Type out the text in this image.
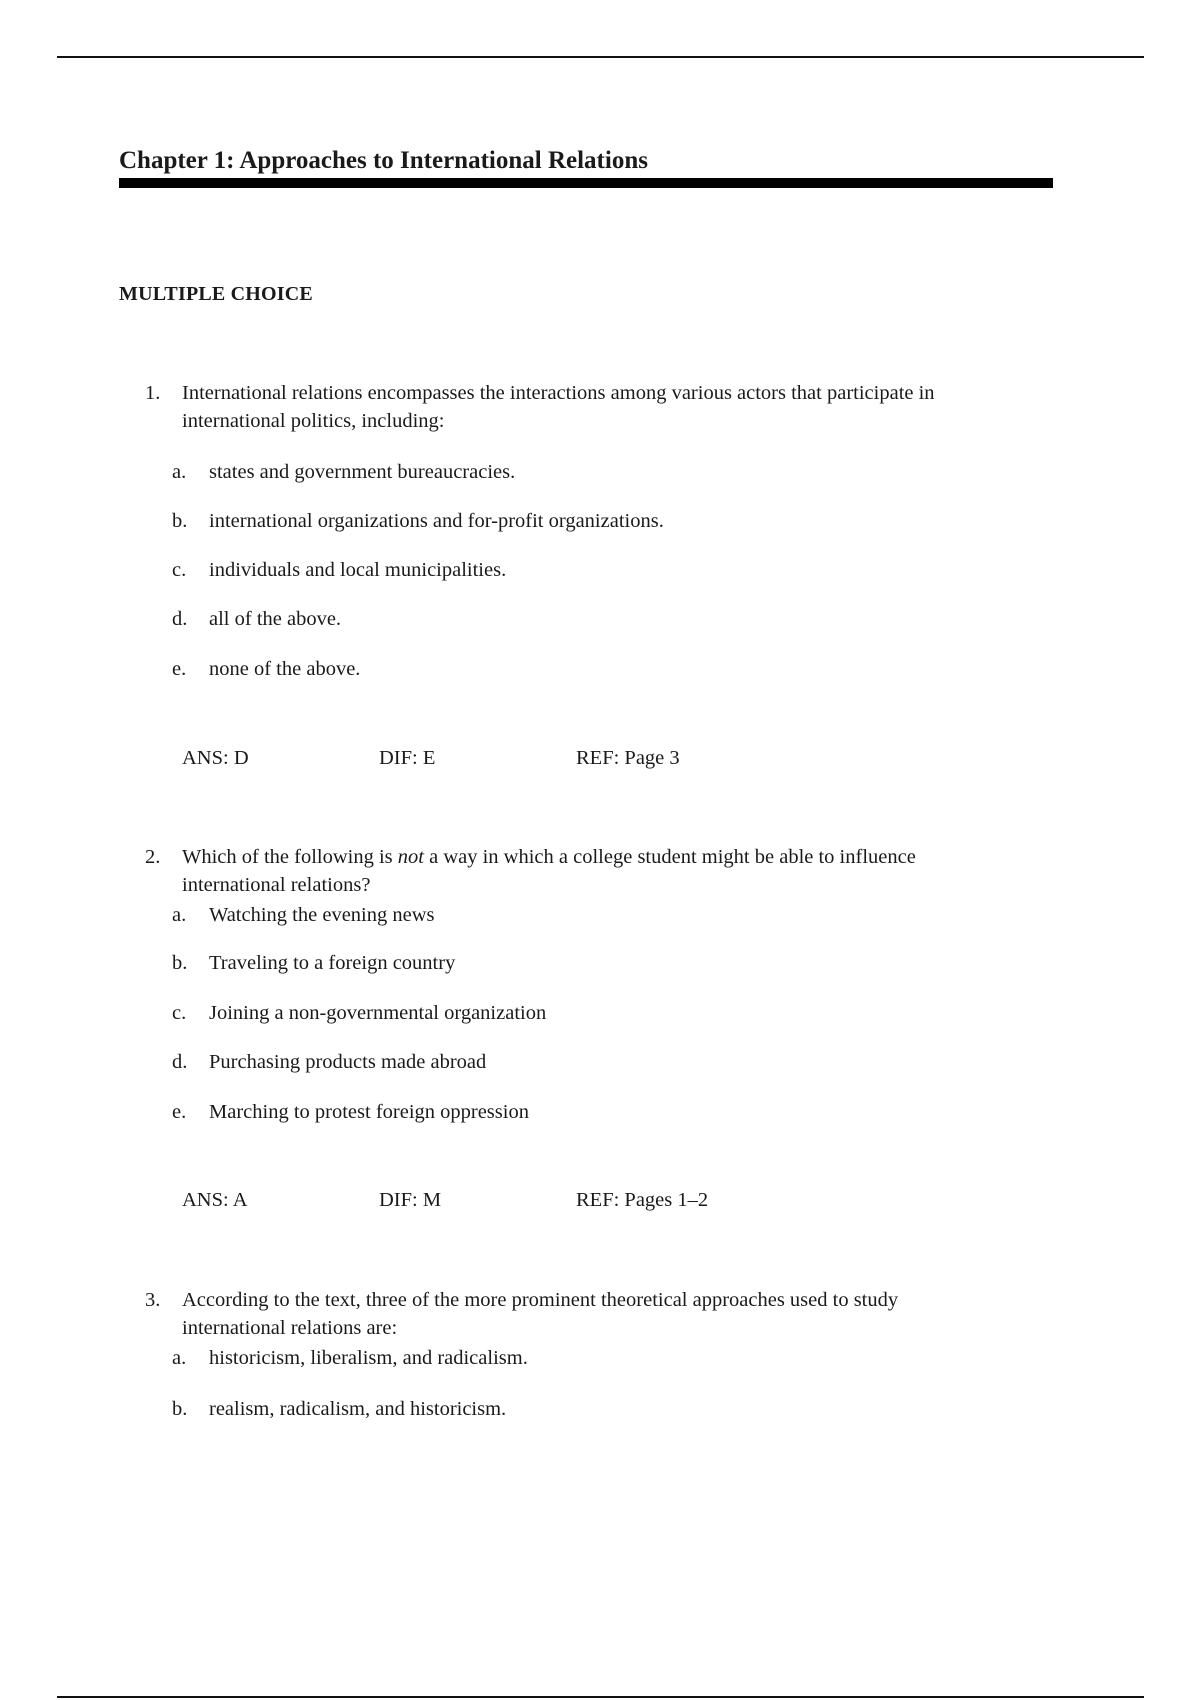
Chapter 1: Approaches to International Relations
MULTIPLE CHOICE

1. International relations encompasses the interactions among various actors that participate in international politics, including:

a. states and government bureaucracies.
b. international organizations and for-profit organizations.
c. individuals and local municipalities.
d. all of the above.
e. none of the above.
ANS: D	DIF: E	REF: Page 3

2. Which of the following is not a way in which a college student might be able to influence international relations?

a. Watching the evening news
b. Traveling to a foreign country
c. Joining a non-governmental organization
d. Purchasing products made abroad
e. Marching to protest foreign oppression
ANS: A	DIF: M	REF: Pages 1–2

3. According to the text, three of the more prominent theoretical approaches used to study international relations are:

a. historicism, liberalism, and radicalism.
b. realism, radicalism, and historicism.
